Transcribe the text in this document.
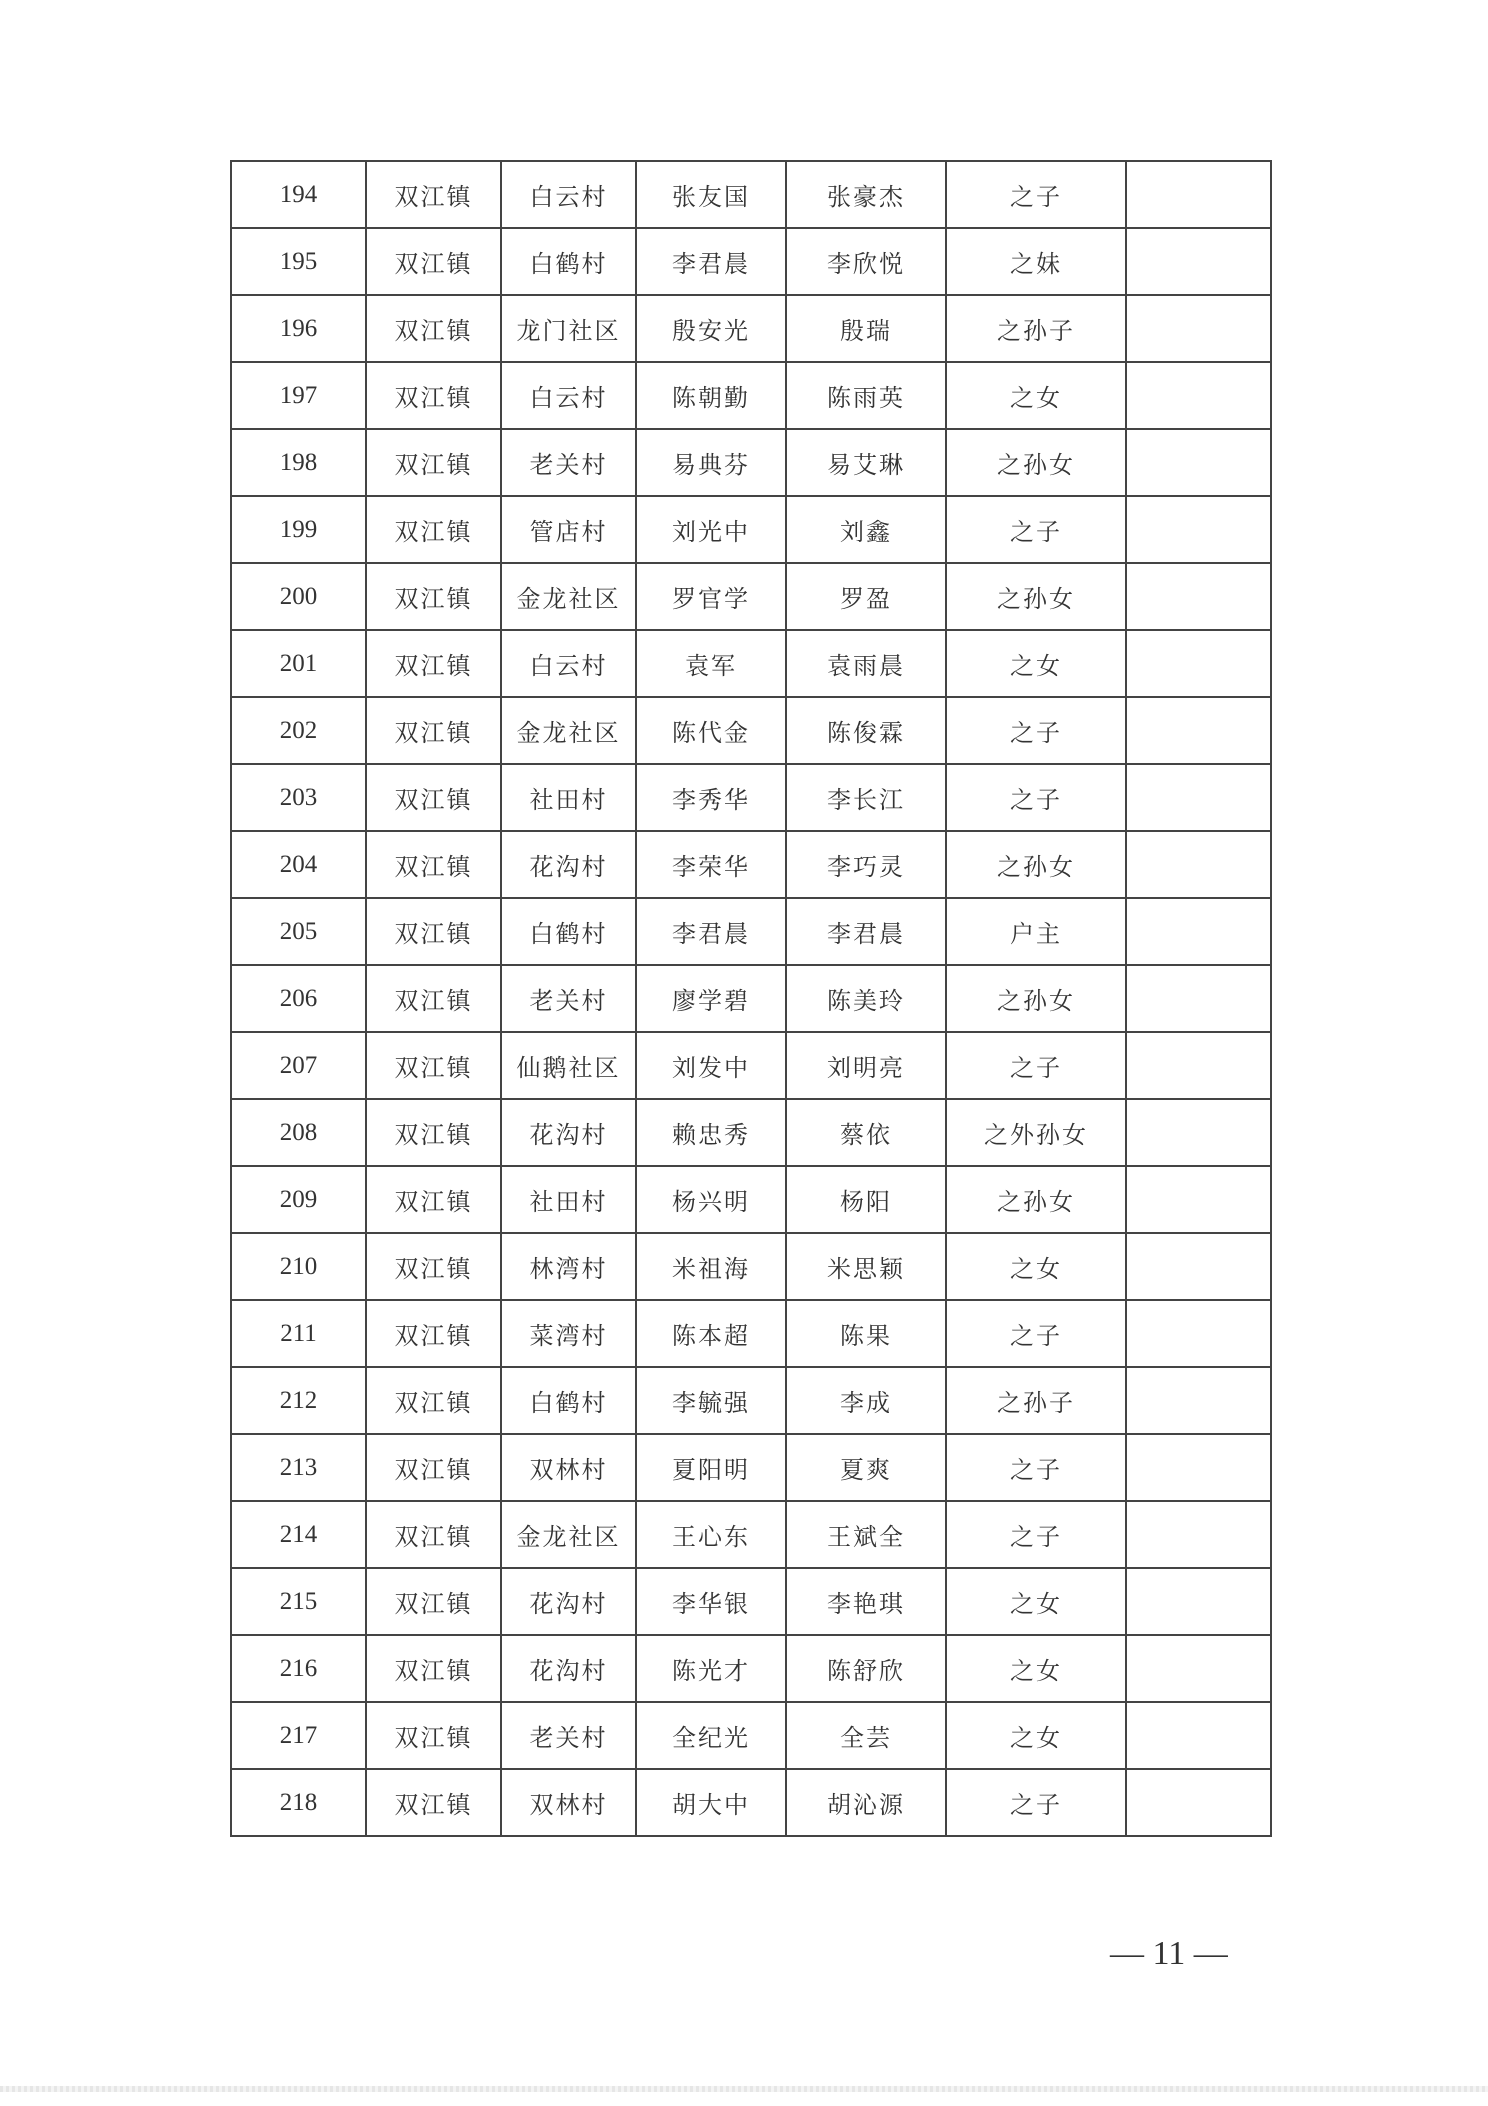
194	双江镇	白云村	张友国	张豪杰	之子	
195	双江镇	白鹤村	李君晨	李欣悦	之妹	
196	双江镇	龙门社区	殷安光	殷瑞	之孙子	
197	双江镇	白云村	陈朝勤	陈雨英	之女	
198	双江镇	老关村	易典芬	易艾琳	之孙女	
199	双江镇	管店村	刘光中	刘鑫	之子	
200	双江镇	金龙社区	罗官学	罗盈	之孙女	
201	双江镇	白云村	袁军	袁雨晨	之女	
202	双江镇	金龙社区	陈代金	陈俊霖	之子	
203	双江镇	社田村	李秀华	李长江	之子	
204	双江镇	花沟村	李荣华	李巧灵	之孙女	
205	双江镇	白鹤村	李君晨	李君晨	户主	
206	双江镇	老关村	廖学碧	陈美玲	之孙女	
207	双江镇	仙鹅社区	刘发中	刘明亮	之子	
208	双江镇	花沟村	赖忠秀	蔡依	之外孙女	
209	双江镇	社田村	杨兴明	杨阳	之孙女	
210	双江镇	林湾村	米祖海	米思颖	之女	
211	双江镇	菜湾村	陈本超	陈果	之子	
212	双江镇	白鹤村	李毓强	李成	之孙子	
213	双江镇	双林村	夏阳明	夏爽	之子	
214	双江镇	金龙社区	王心东	王斌全	之子	
215	双江镇	花沟村	李华银	李艳琪	之女	
216	双江镇	花沟村	陈光才	陈舒欣	之女	
217	双江镇	老关村	全纪光	全芸	之女	
218	双江镇	双林村	胡大中	胡沁源	之子	
— 11 —
